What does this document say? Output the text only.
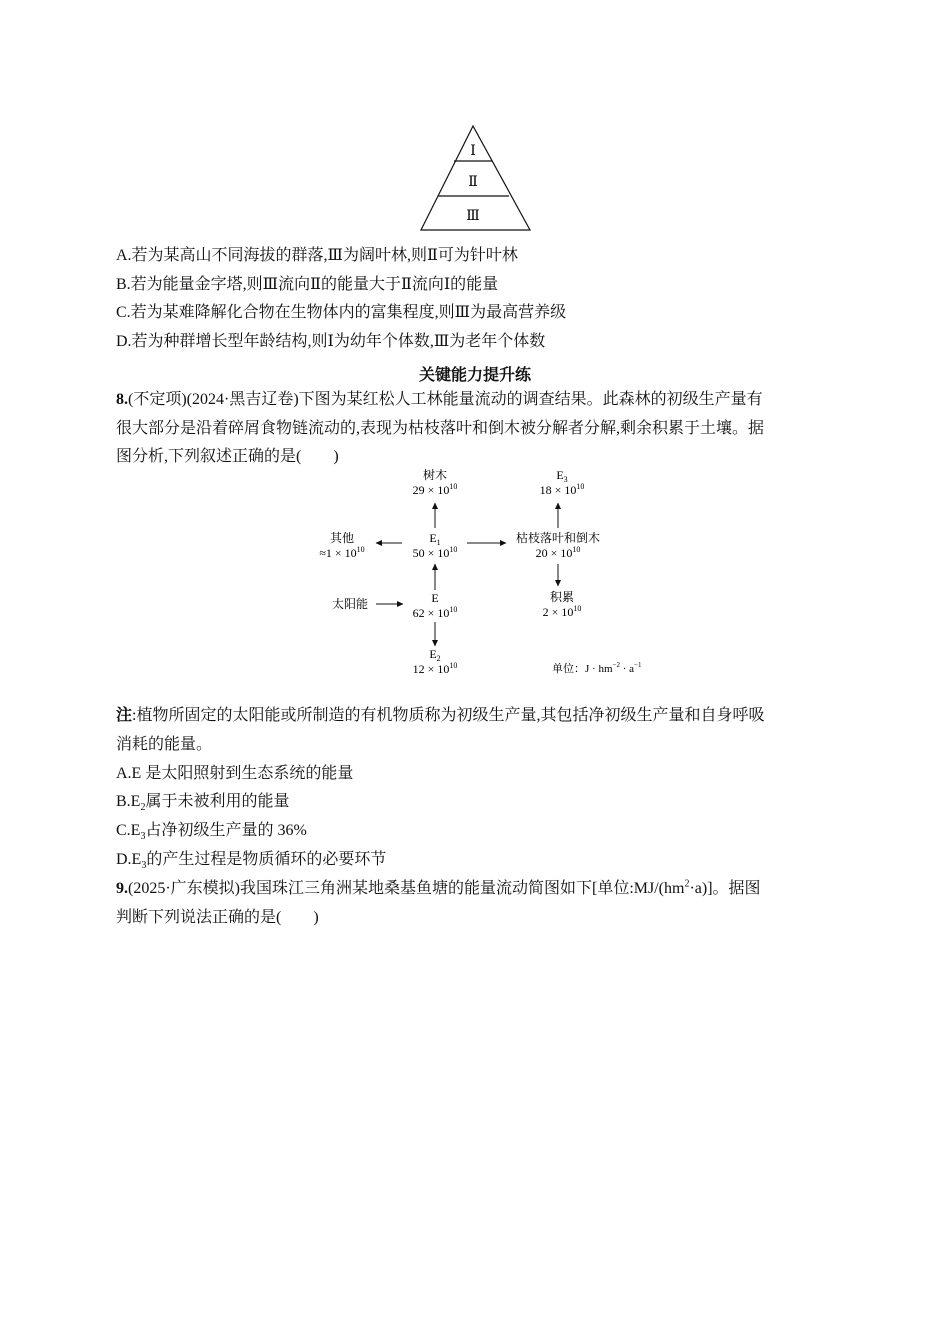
Ⅰ
Ⅱ
Ⅲ
A.若为某高山不同海拔的群落,Ⅲ为阔叶林,则Ⅱ可为针叶林
B.若为能量金字塔,则Ⅲ流向Ⅱ的能量大于Ⅱ流向Ⅰ的能量
C.若为某难降解化合物在生物体内的富集程度,则Ⅲ为最高营养级
D.若为种群增长型年龄结构,则Ⅰ为幼年个体数,Ⅲ为老年个体数
关键能力提升练
8.(不定项)(2024·黑吉辽卷)下图为某红松人工林能量流动的调查结果。此森林的初级生产量有
很大部分是沿着碎屑食物链流动的,表现为枯枝落叶和倒木被分解者分解,剩余积累于土壤。据
图分析,下列叙述正确的是(　　)
树木
$29 \times 10^{10}$
$E_3$
$18 \times 10^{10}$
其他
$\approx 1 \times 10^{10}$
$E_1$
$50 \times 10^{10}$
枯枝落叶和倒木
$20 \times 10^{10}$
太阳能	E
$62 \times 10^{10}$
积累
$2 \times 10^{10}$
$E_2$
$12 \times 10^{10}$	单位：$J \cdot hm^{-2} \cdot a^{-1}$
注:植物所固定的太阳能或所制造的有机物质称为初级生产量,其包括净初级生产量和自身呼吸
消耗的能量。
A.E 是太阳照射到生态系统的能量
$B.E_2$属于未被利用的能量
$C.E_3$占净初级生产量的 36%
$D.E_3$的产生过程是物质循环的必要环节
9.(2025·广东模拟)我国珠江三角洲某地桑基鱼塘的能量流动简图如下[单位$:MJ/(hm^2\cdot a)$]。据图
判断下列说法正确的是(　　)
